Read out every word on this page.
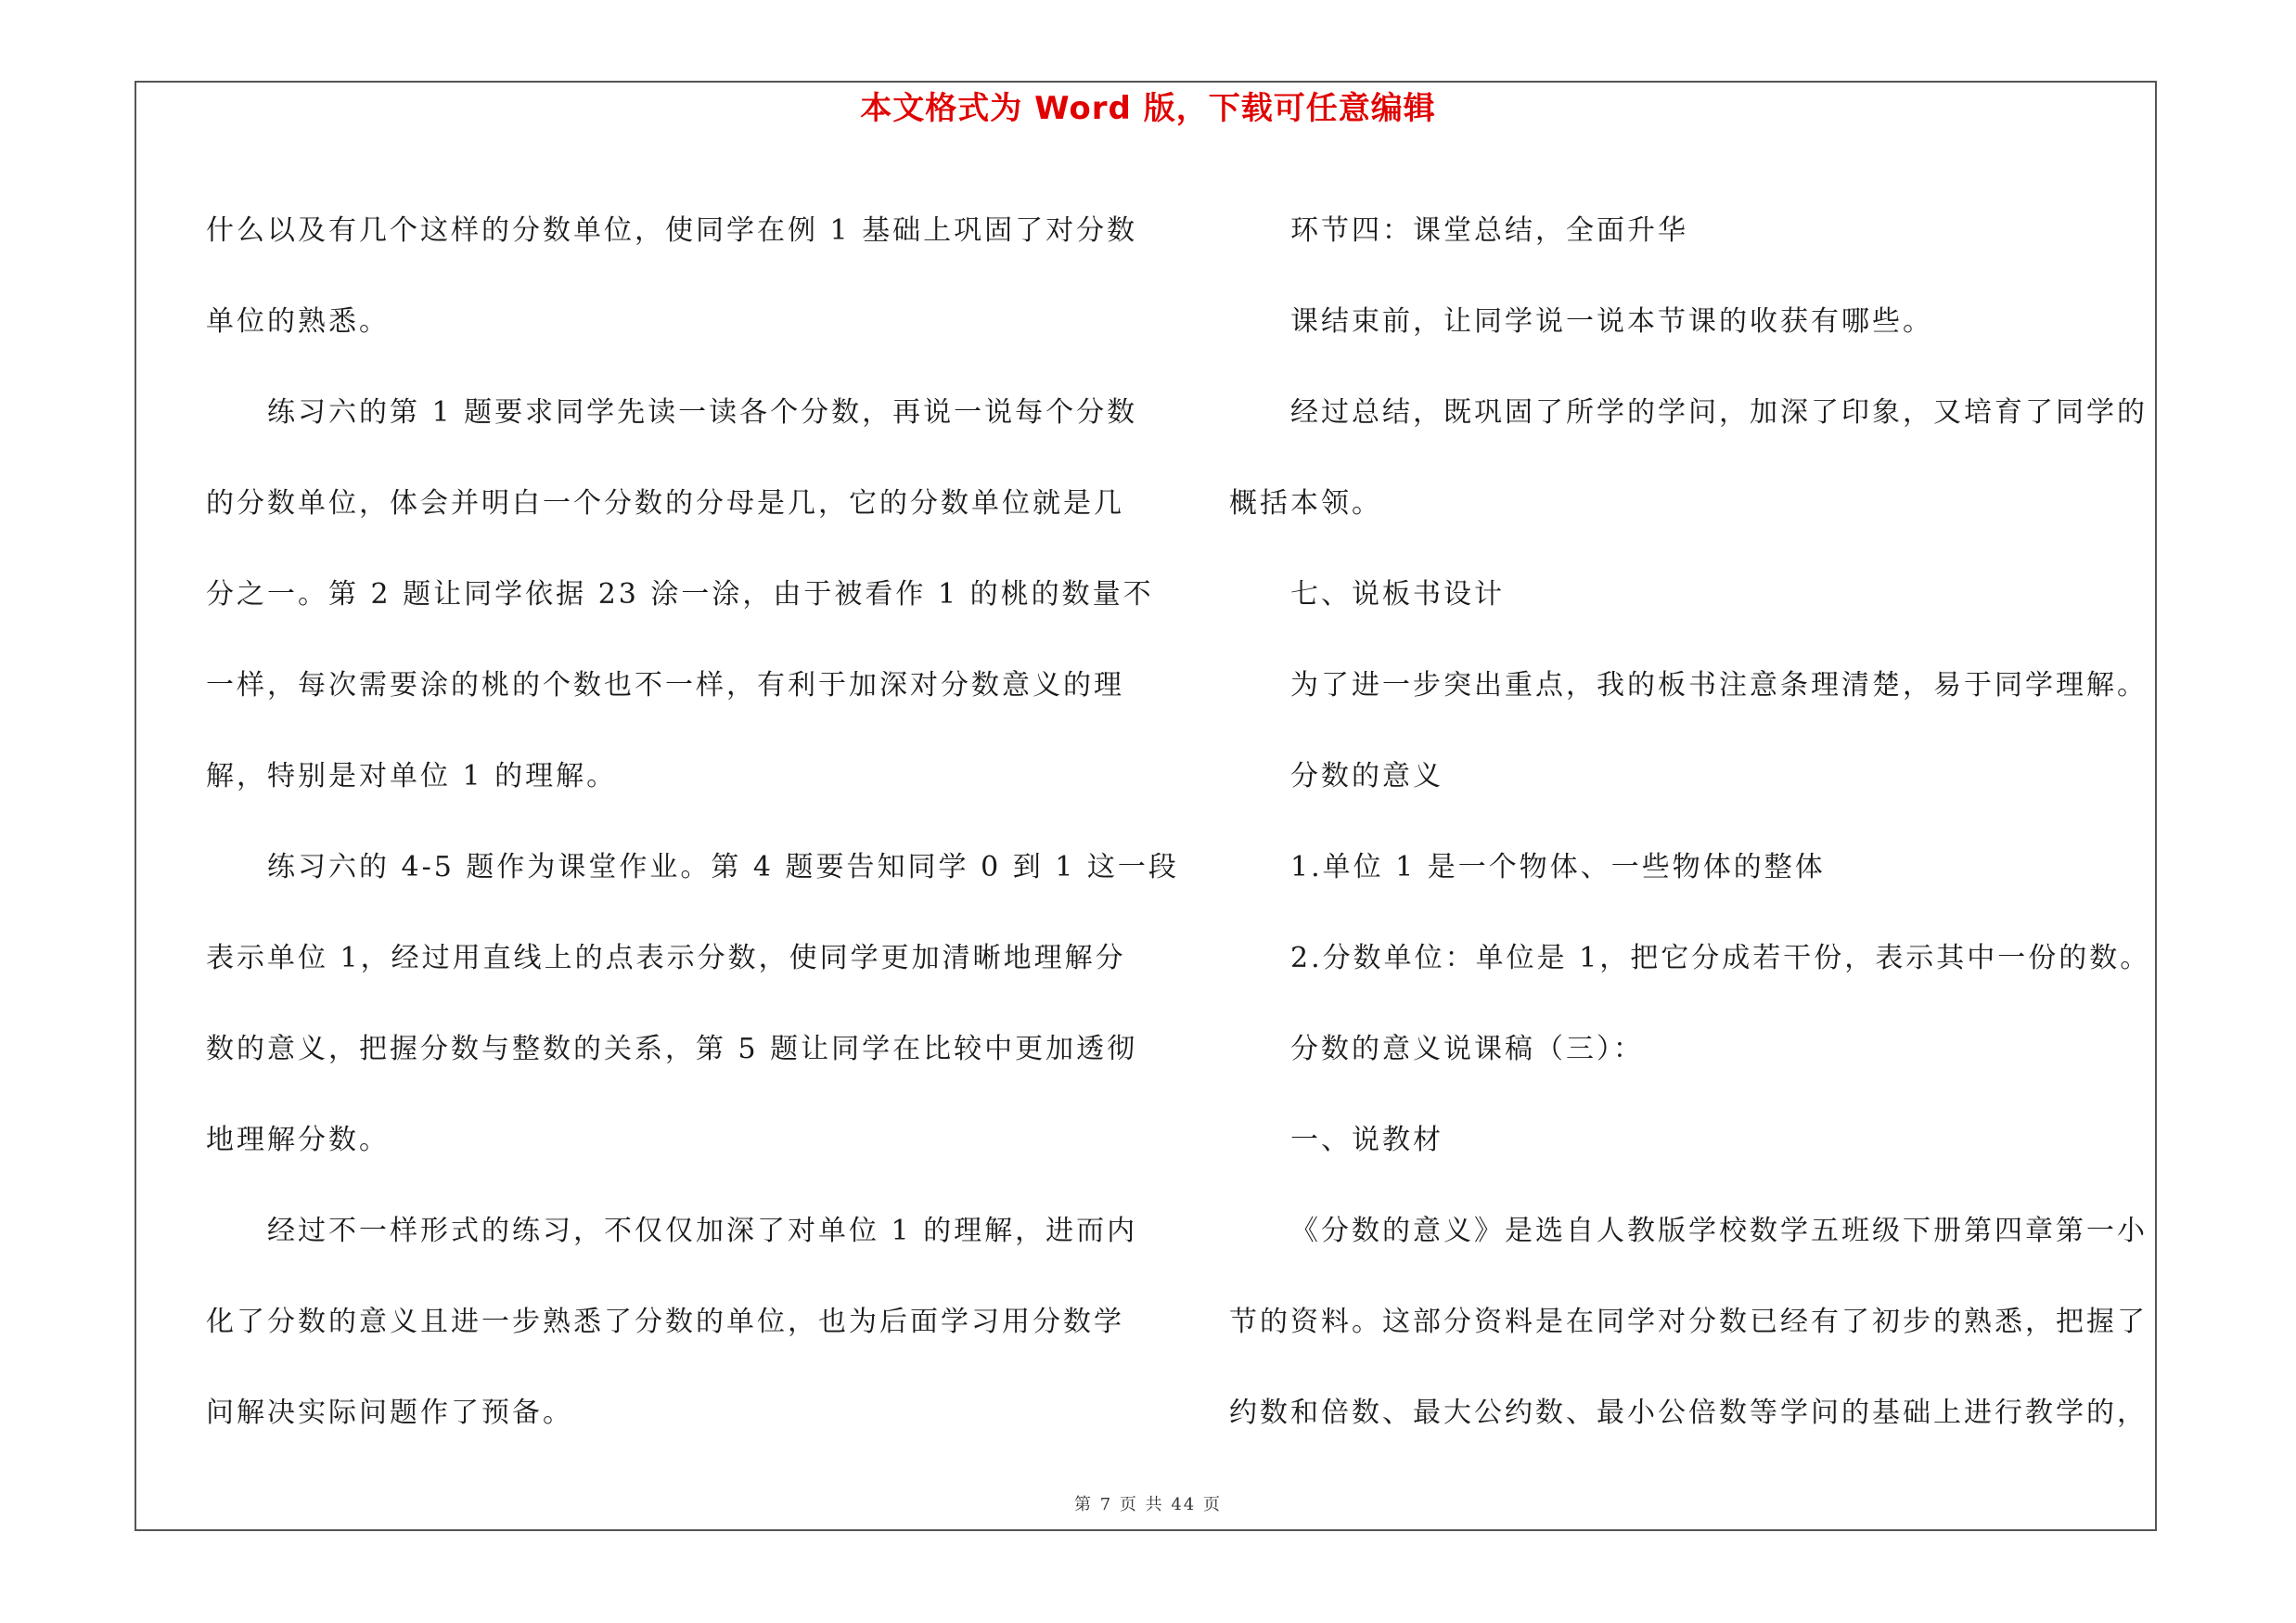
本文格式为 Word 版，下载可任意编辑
什么以及有几个这样的分数单位，使同学在例 1 基础上巩固了对分数
单位的熟悉。
练习六的第 1 题要求同学先读一读各个分数，再说一说每个分数
的分数单位，体会并明白一个分数的分母是几，它的分数单位就是几
分之一。第 2 题让同学依据 23 涂一涂，由于被看作 1 的桃的数量不
一样，每次需要涂的桃的个数也不一样，有利于加深对分数意义的理
解，特别是对单位 1 的理解。
练习六的 4-5 题作为课堂作业。第 4 题要告知同学 0 到 1 这一段
表示单位 1，经过用直线上的点表示分数，使同学更加清晰地理解分
数的意义，把握分数与整数的关系，第 5 题让同学在比较中更加透彻
地理解分数。
经过不一样形式的练习，不仅仅加深了对单位 1 的理解，进而内
化了分数的意义且进一步熟悉了分数的单位，也为后面学习用分数学
问解决实际问题作了预备。
环节四：课堂总结，全面升华
课结束前，让同学说一说本节课的收获有哪些。
经过总结，既巩固了所学的学问，加深了印象，又培育了同学的
概括本领。
七、说板书设计
为了进一步突出重点，我的板书注意条理清楚，易于同学理解。
分数的意义
1.单位 1 是一个物体、一些物体的整体
2.分数单位：单位是 1，把它分成若干份，表示其中一份的数。
分数的意义说课稿（三）：
一、说教材
《分数的意义》是选自人教版学校数学五班级下册第四章第一小
节的资料。这部分资料是在同学对分数已经有了初步的熟悉，把握了
约数和倍数、最大公约数、最小公倍数等学问的基础上进行教学的，
第 7 页 共 44 页
